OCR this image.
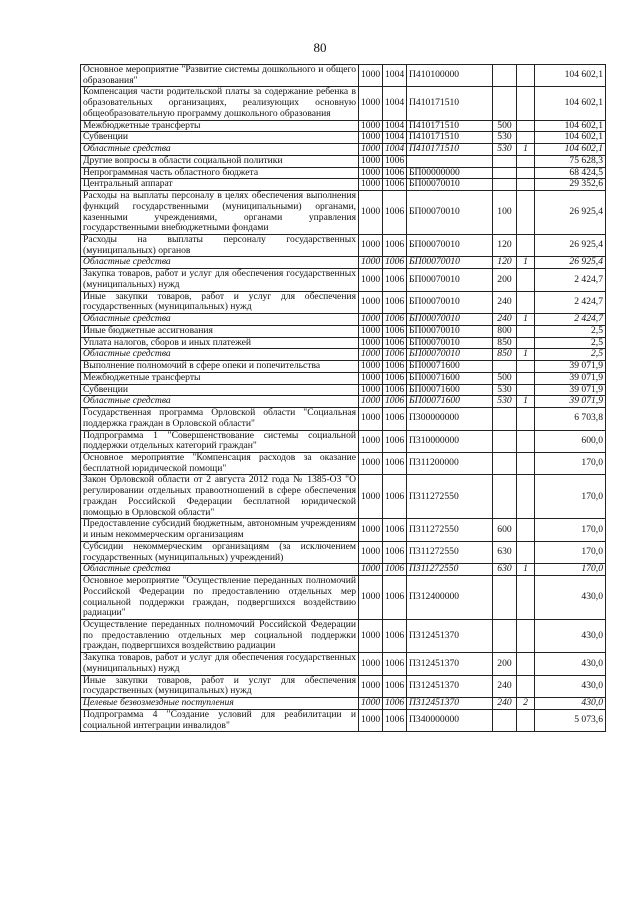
80
Основное мероприятие "Развитие системы дошкольного и общего образования"	1000	1004	П410100000			104 602,1
Компенсация части родительской платы за содержание ребенка в образовательных организациях, реализующих основную общеобразовательную программу дошкольного образования	1000	1004	П410171510			104 602,1
Межбюджетные трансферты	1000	1004	П410171510	500		104 602,1
Субвенции	1000	1004	П410171510	530		104 602,1
Областные средства	1000	1004	П410171510	530	1	104 602,1
Другие вопросы в области социальной политики	1000	1006				75 628,3
Непрограммная часть областного бюджета	1000	1006	БП00000000			68 424,5
Центральный аппарат	1000	1006	БП00070010			29 352,6
Расходы на выплаты персоналу в целях обеспечения выполнения функций государственными (муниципальными) органами, казенными учреждениями, органами управления государственными внебюджетными фондами	1000	1006	БП00070010	100		26 925,4
Расходы на выплаты персоналу государственных (муниципальных) органов	1000	1006	БП00070010	120		26 925,4
Областные средства	1000	1006	БП00070010	120	1	26 925,4
Закупка товаров, работ и услуг для обеспечения государственных (муниципальных) нужд	1000	1006	БП00070010	200		2 424,7
Иные закупки товаров, работ и услуг для обеспечения государственных (муниципальных) нужд	1000	1006	БП00070010	240		2 424,7
Областные средства	1000	1006	БП00070010	240	1	2 424,7
Иные бюджетные ассигнования	1000	1006	БП00070010	800		2,5
Уплата налогов, сборов и иных платежей	1000	1006	БП00070010	850		2,5
Областные средства	1000	1006	БП00070010	850	1	2,5
Выполнение полномочий в сфере опеки и попечительства	1000	1006	БП00071600			39 071,9
Межбюджетные трансферты	1000	1006	БП00071600	500		39 071,9
Субвенции	1000	1006	БП00071600	530		39 071,9
Областные средства	1000	1006	БП00071600	530	1	39 071,9
Государственная программа Орловской области "Социальная поддержка граждан в Орловской области"	1000	1006	П300000000			6 703,8
Подпрограмма 1 "Совершенствование системы социальной поддержки отдельных категорий граждан"	1000	1006	П310000000			600,0
Основное мероприятие "Компенсация расходов за оказание бесплатной юридической помощи"	1000	1006	П311200000			170,0
Закон Орловской области от 2 августа 2012 года № 1385-ОЗ "О регулировании отдельных правоотношений в сфере обеспечения граждан Российской Федерации бесплатной юридической помощью в Орловской области"	1000	1006	П311272550			170,0
Предоставление субсидий бюджетным, автономным учреждениям и иным некоммерческим организациям	1000	1006	П311272550	600		170,0
Субсидии некоммерческим организациям (за исключением государственных (муниципальных) учреждений)	1000	1006	П311272550	630		170,0
Областные средства	1000	1006	П311272550	630	1	170,0
Основное мероприятие "Осуществление переданных полномочий Российской Федерации по предоставлению отдельных мер социальной поддержки граждан, подвергшихся воздействию радиации"	1000	1006	П312400000			430,0
Осуществление переданных полномочий Российской Федерации по предоставлению отдельных мер социальной поддержки граждан, подвергшихся воздействию радиации	1000	1006	П312451370			430,0
Закупка товаров, работ и услуг для обеспечения государственных (муниципальных) нужд	1000	1006	П312451370	200		430,0
Иные закупки товаров, работ и услуг для обеспечения государственных (муниципальных) нужд	1000	1006	П312451370	240		430,0
Целевые безвозмездные поступления	1000	1006	П312451370	240	2	430,0
Подпрограмма 4 "Создание условий для реабилитации и социальной интеграции инвалидов"	1000	1006	П340000000			5 073,6
